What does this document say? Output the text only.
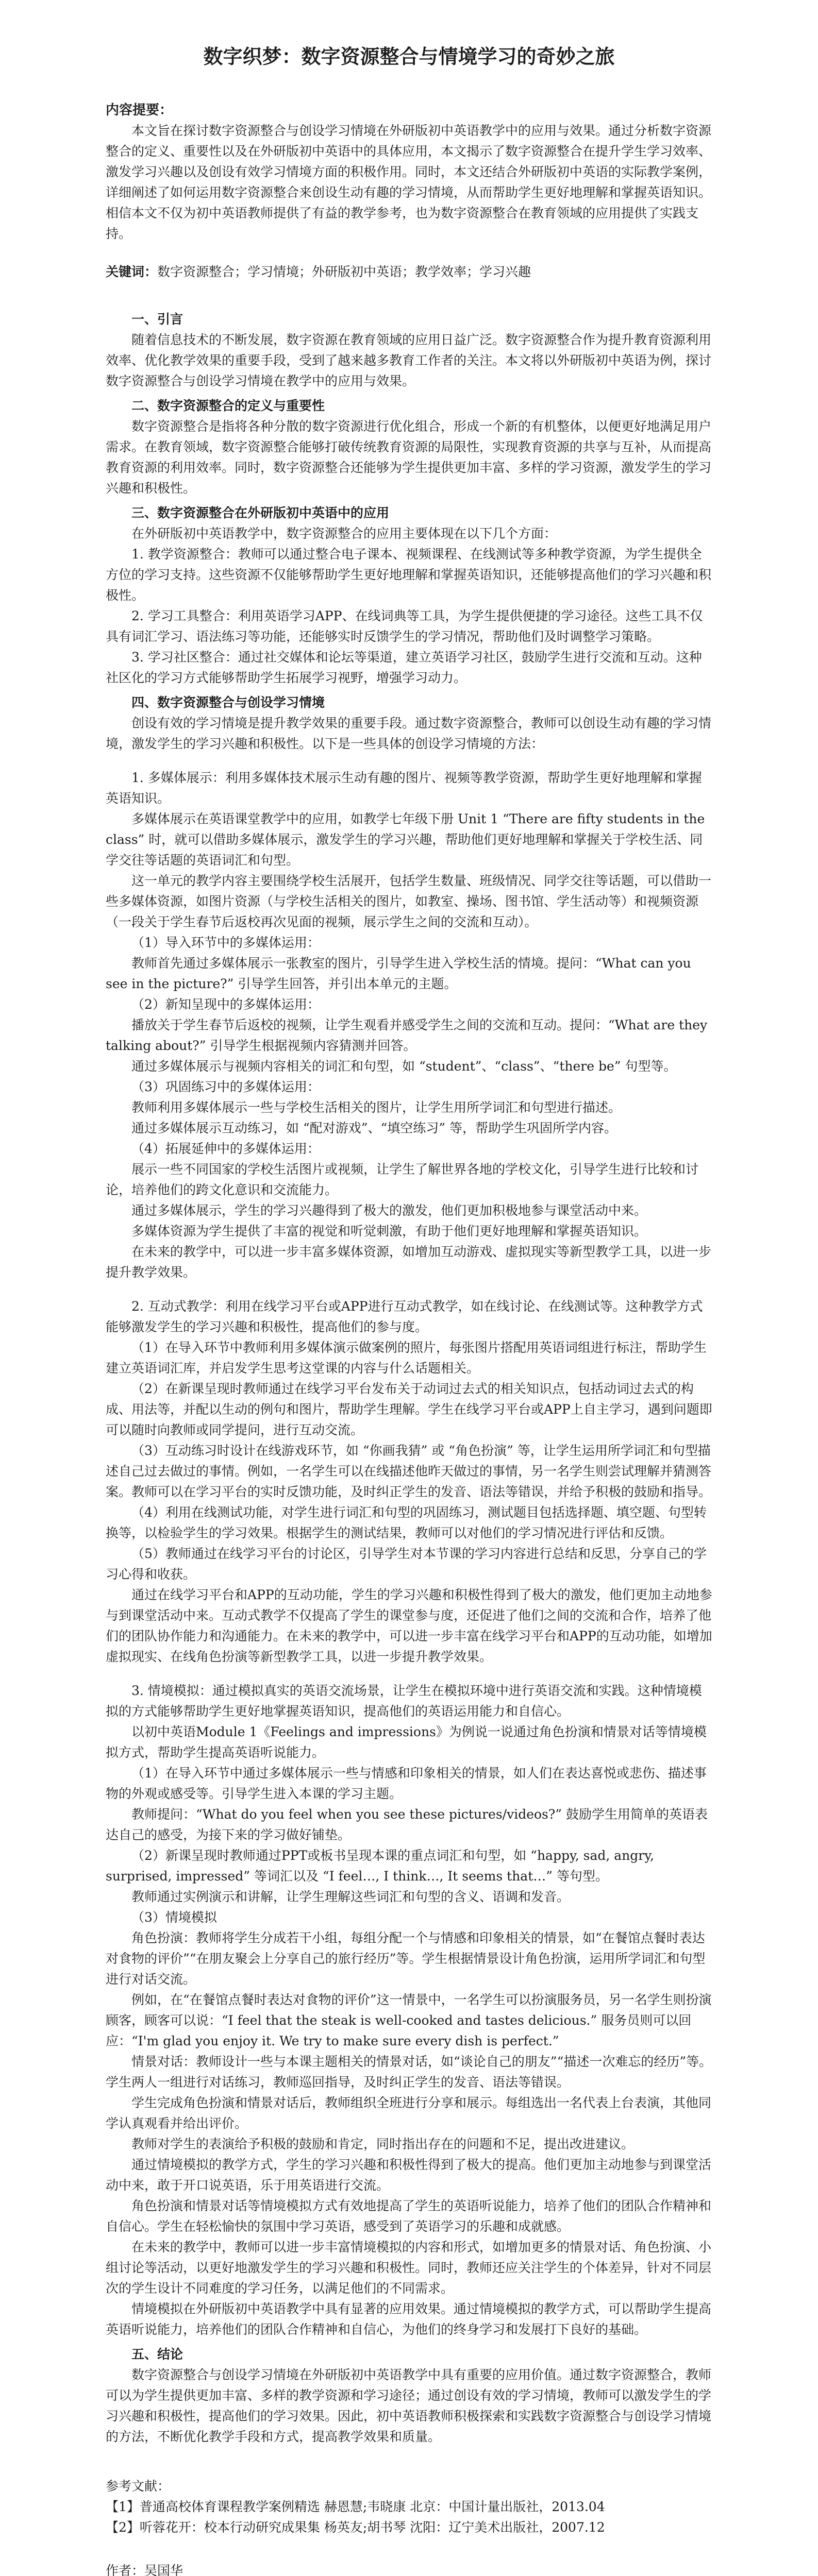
数字织梦：数字资源整合与情境学习的奇妙之旅

内容提要：

本文旨在探讨数字资源整合与创设学习情境在外研版初中英语教学中的应用与效果。通过分析数字资源整合的定义、重要性以及在外研版初中英语中的具体应用，本文揭示了数字资源整合在提升学生学习效率、激发学习兴趣以及创设有效学习情境方面的积极作用。同时，本文还结合外研版初中英语的实际教学案例，详细阐述了如何运用数字资源整合来创设生动有趣的学习情境，从而帮助学生更好地理解和掌握英语知识。相信本文不仅为初中英语教师提供了有益的教学参考，也为数字资源整合在教育领域的应用提供了实践支持。

关键词：数字资源整合；学习情境；外研版初中英语；教学效率；学习兴趣

一、引言

随着信息技术的不断发展，数字资源在教育领域的应用日益广泛。数字资源整合作为提升教育资源利用效率、优化教学效果的重要手段，受到了越来越多教育工作者的关注。本文将以外研版初中英语为例，探讨数字资源整合与创设学习情境在教学中的应用与效果。

二、数字资源整合的定义与重要性

数字资源整合是指将各种分散的数字资源进行优化组合，形成一个新的有机整体，以便更好地满足用户需求。在教育领域，数字资源整合能够打破传统教育资源的局限性，实现教育资源的共享与互补，从而提高教育资源的利用效率。同时，数字资源整合还能够为学生提供更加丰富、多样的学习资源，激发学生的学习兴趣和积极性。

三、数字资源整合在外研版初中英语中的应用

在外研版初中英语教学中，数字资源整合的应用主要体现在以下几个方面：

1. 教学资源整合：教师可以通过整合电子课本、视频课程、在线测试等多种教学资源，为学生提供全方位的学习支持。这些资源不仅能够帮助学生更好地理解和掌握英语知识，还能够提高他们的学习兴趣和积极性。

2. 学习工具整合：利用英语学习APP、在线词典等工具，为学生提供便捷的学习途径。这些工具不仅具有词汇学习、语法练习等功能，还能够实时反馈学生的学习情况，帮助他们及时调整学习策略。

3. 学习社区整合：通过社交媒体和论坛等渠道，建立英语学习社区，鼓励学生进行交流和互动。这种社区化的学习方式能够帮助学生拓展学习视野，增强学习动力。

四、数字资源整合与创设学习情境

创设有效的学习情境是提升教学效果的重要手段。通过数字资源整合，教师可以创设生动有趣的学习情境，激发学生的学习兴趣和积极性。以下是一些具体的创设学习情境的方法：

1. 多媒体展示：利用多媒体技术展示生动有趣的图片、视频等教学资源，帮助学生更好地理解和掌握英语知识。

多媒体展示在英语课堂教学中的应用，如教学七年级下册 Unit 1 “There are fifty students in the class” 时，就可以借助多媒体展示，激发学生的学习兴趣，帮助他们更好地理解和掌握关于学校生活、同学交往等话题的英语词汇和句型。

这一单元的教学内容主要围绕学校生活展开，包括学生数量、班级情况、同学交往等话题，可以借助一些多媒体资源，如图片资源（与学校生活相关的图片，如教室、操场、图书馆、学生活动等）和视频资源（一段关于学生春节后返校再次见面的视频，展示学生之间的交流和互动）。

（1）导入环节中的多媒体运用：

教师首先通过多媒体展示一张教室的图片，引导学生进入学校生活的情境。提问：“What can you see in the picture?” 引导学生回答，并引出本单元的主题。

（2）新知呈现中的多媒体运用：

播放关于学生春节后返校的视频，让学生观看并感受学生之间的交流和互动。提问：“What are they talking about?” 引导学生根据视频内容猜测并回答。

通过多媒体展示与视频内容相关的词汇和句型，如 “student”、“class”、“there be” 句型等。

（3）巩固练习中的多媒体运用：

教师利用多媒体展示一些与学校生活相关的图片，让学生用所学词汇和句型进行描述。

通过多媒体展示互动练习，如 “配对游戏”、“填空练习” 等，帮助学生巩固所学内容。

（4）拓展延伸中的多媒体运用：

展示一些不同国家的学校生活图片或视频，让学生了解世界各地的学校文化，引导学生进行比较和讨论，培养他们的跨文化意识和交流能力。

通过多媒体展示，学生的学习兴趣得到了极大的激发，他们更加积极地参与课堂活动中来。

多媒体资源为学生提供了丰富的视觉和听觉刺激，有助于他们更好地理解和掌握英语知识。

在未来的教学中，可以进一步丰富多媒体资源，如增加互动游戏、虚拟现实等新型教学工具，以进一步提升教学效果。

2. 互动式教学：利用在线学习平台或APP进行互动式教学，如在线讨论、在线测试等。这种教学方式能够激发学生的学习兴趣和积极性，提高他们的参与度。

（1）在导入环节中教师利用多媒体演示做案例的照片，每张图片搭配用英语词组进行标注，帮助学生建立英语词汇库，并启发学生思考这堂课的内容与什么话题相关。

（2）在新课呈现时教师通过在线学习平台发布关于动词过去式的相关知识点，包括动词过去式的构成、用法等，并配以生动的例句和图片，帮助学生理解。学生在线学习平台或APP上自主学习，遇到问题即可以随时向教师或同学提问，进行互动交流。

（3）互动练习时设计在线游戏环节，如 “你画我猜” 或 “角色扮演” 等，让学生运用所学词汇和句型描述自己过去做过的事情。例如，一名学生可以在线描述他昨天做过的事情，另一名学生则尝试理解并猜测答案。教师可以在学习平台的实时反馈功能，及时纠正学生的发音、语法等错误，并给予积极的鼓励和指导。

（4）利用在线测试功能，对学生进行词汇和句型的巩固练习，测试题目包括选择题、填空题、句型转换等，以检验学生的学习效果。根据学生的测试结果，教师可以对他们的学习情况进行评估和反馈。

（5）教师通过在线学习平台的讨论区，引导学生对本节课的学习内容进行总结和反思，分享自己的学习心得和收获。

通过在线学习平台和APP的互动功能，学生的学习兴趣和积极性得到了极大的激发，他们更加主动地参与到课堂活动中来。互动式教学不仅提高了学生的课堂参与度，还促进了他们之间的交流和合作，培养了他们的团队协作能力和沟通能力。在未来的教学中，可以进一步丰富在线学习平台和APP的互动功能，如增加虚拟现实、在线角色扮演等新型教学工具，以进一步提升教学效果。

3. 情境模拟：通过模拟真实的英语交流场景，让学生在模拟环境中进行英语交流和实践。这种情境模拟的方式能够帮助学生更好地掌握英语知识，提高他们的英语运用能力和自信心。

以初中英语Module 1《Feelings and impressions》为例说一说通过角色扮演和情景对话等情境模拟方式，帮助学生提高英语听说能力。

（1）在导入环节中通过多媒体展示一些与情感和印象相关的情景，如人们在表达喜悦或悲伤、描述事物的外观或感受等。引导学生进入本课的学习主题。

教师提问：“What do you feel when you see these pictures/videos?” 鼓励学生用简单的英语表达自己的感受，为接下来的学习做好铺垫。

（2）新课呈现时教师通过PPT或板书呈现本课的重点词汇和句型，如 “happy, sad, angry, surprised, impressed” 等词汇以及 “I feel…, I think…, It seems that…” 等句型。

教师通过实例演示和讲解，让学生理解这些词汇和句型的含义、语调和发音。

（3）情境模拟

角色扮演：教师将学生分成若干小组，每组分配一个与情感和印象相关的情景，如“在餐馆点餐时表达对食物的评价”“在朋友聚会上分享自己的旅行经历”等。学生根据情景设计角色扮演，运用所学词汇和句型进行对话交流。

例如，在“在餐馆点餐时表达对食物的评价”这一情景中，一名学生可以扮演服务员，另一名学生则扮演顾客，顾客可以说：“I feel that the steak is well-cooked and tastes delicious.” 服务员则可以回应：“I'm glad you enjoy it. We try to make sure every dish is perfect.”

情景对话：教师设计一些与本课主题相关的情景对话，如“谈论自己的朋友”“描述一次难忘的经历”等。学生两人一组进行对话练习，教师巡回指导，及时纠正学生的发音、语法等错误。

学生完成角色扮演和情景对话后，教师组织全班进行分享和展示。每组选出一名代表上台表演，其他同学认真观看并给出评价。

教师对学生的表演给予积极的鼓励和肯定，同时指出存在的问题和不足，提出改进建议。

通过情境模拟的教学方式，学生的学习兴趣和积极性得到了极大的提高。他们更加主动地参与到课堂活动中来，敢于开口说英语，乐于用英语进行交流。

角色扮演和情景对话等情境模拟方式有效地提高了学生的英语听说能力，培养了他们的团队合作精神和自信心。学生在轻松愉快的氛围中学习英语，感受到了英语学习的乐趣和成就感。

在未来的教学中，教师可以进一步丰富情境模拟的内容和形式，如增加更多的情景对话、角色扮演、小组讨论等活动，以更好地激发学生的学习兴趣和积极性。同时，教师还应关注学生的个体差异，针对不同层次的学生设计不同难度的学习任务，以满足他们的不同需求。

情境模拟在外研版初中英语教学中具有显著的应用效果。通过情境模拟的教学方式，可以帮助学生提高英语听说能力，培养他们的团队合作精神和自信心，为他们的终身学习和发展打下良好的基础。

五、结论

数字资源整合与创设学习情境在外研版初中英语教学中具有重要的应用价值。通过数字资源整合，教师可以为学生提供更加丰富、多样的教学资源和学习途径；通过创设有效的学习情境，教师可以激发学生的学习兴趣和积极性，提高他们的学习效果。因此，初中英语教师积极探索和实践数字资源整合与创设学习情境的方法，不断优化教学手段和方式，提高教学效果和质量。

参考文献：

【1】普通高校体育课程教学案例精选 赫恩慧;韦晓康 北京：中国计量出版社，2013.04

【2】听蓉花开：校本行动研究成果集 杨英友;胡书琴 沈阳：辽宁美术出版社，2007.12

作者：吴国华
